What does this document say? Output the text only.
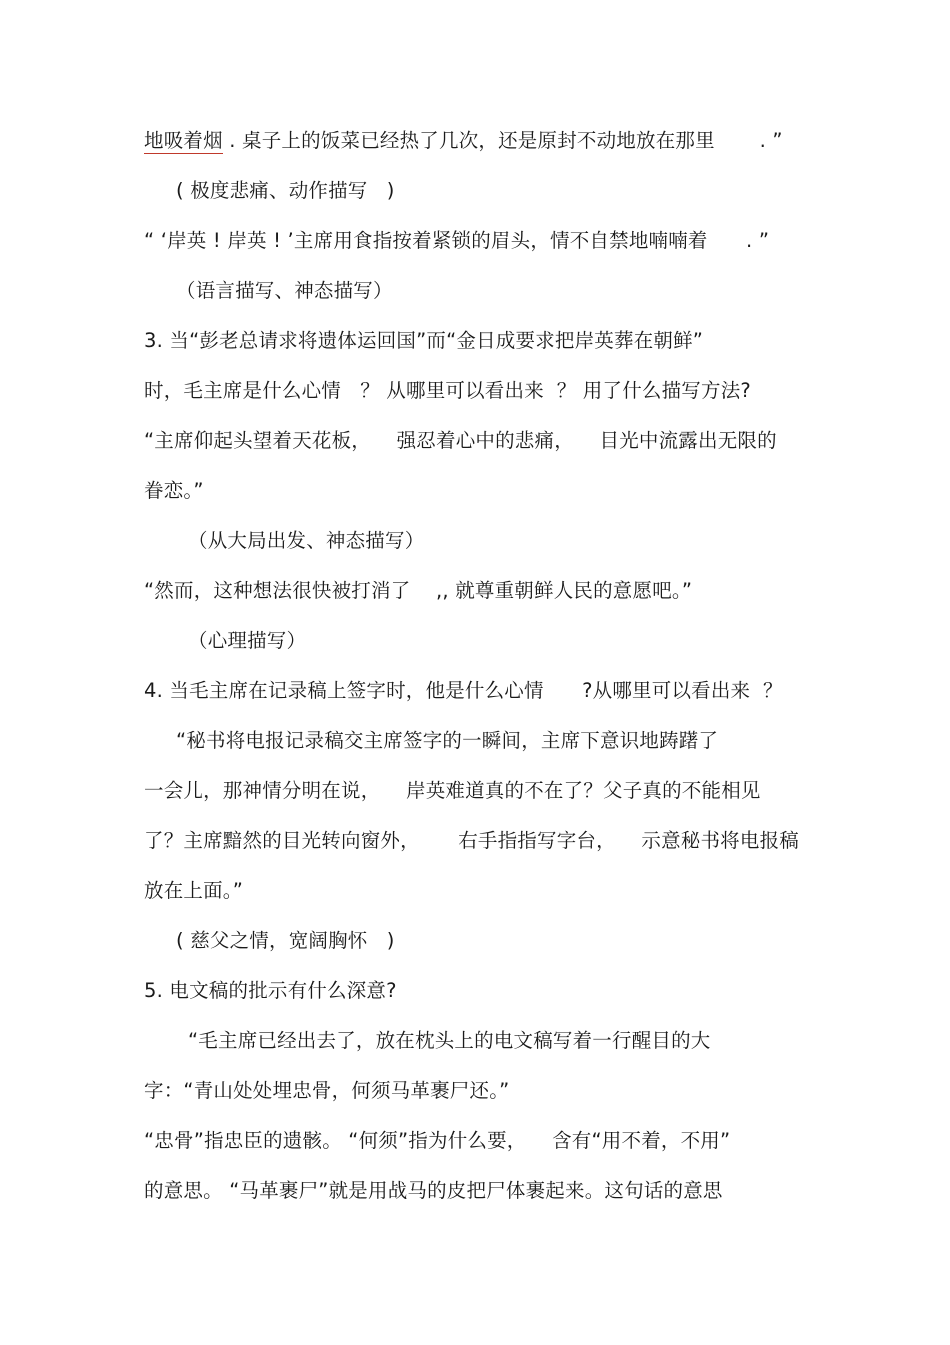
地吸着烟 . 桌子上的饭菜已经热了几次，还是原封不动地放在那里       . ”
( 极度悲痛、动作描写   )
“ ‘岸英 ! 岸英 ! ’主席用食指按着紧锁的眉头，情不自禁地喃喃着      . ”
（语言描写、神态描写）
3. 当“彭老总请求将遗体运回国”而“金日成要求把岸英葬在朝鲜”
时，毛主席是什么心情   ？ 从哪里可以看出来  ？ 用了什么描写方法?
“主席仰起头望着天花板，    强忍着心中的悲痛，    目光中流露出无限的
眷恋。”
（从大局出发、神态描写）
“然而，这种想法很快被打消了    ,, 就尊重朝鲜人民的意愿吧。”
（心理描写）
4. 当毛主席在记录稿上签字时，他是什么心情      ?从哪里可以看出来  ？
“秘书将电报记录稿交主席签字的一瞬间，主席下意识地踌躇了
一会儿，那神情分明在说，    岸英难道真的不在了？父子真的不能相见
了？主席黯然的目光转向窗外，      右手指指写字台，    示意秘书将电报稿
放在上面。”
( 慈父之情，宽阔胸怀   )
5. 电文稿的批示有什么深意?
“毛主席已经出去了，放在枕头上的电文稿写着一行醒目的大
字：“青山处处埋忠骨，何须马革裹尸还。”
“忠骨”指忠臣的遗骸。 “何须”指为什么要，    含有“用不着，不用”
的意思。 “马革裹尸”就是用战马的皮把尸体裹起来。这句话的意思
